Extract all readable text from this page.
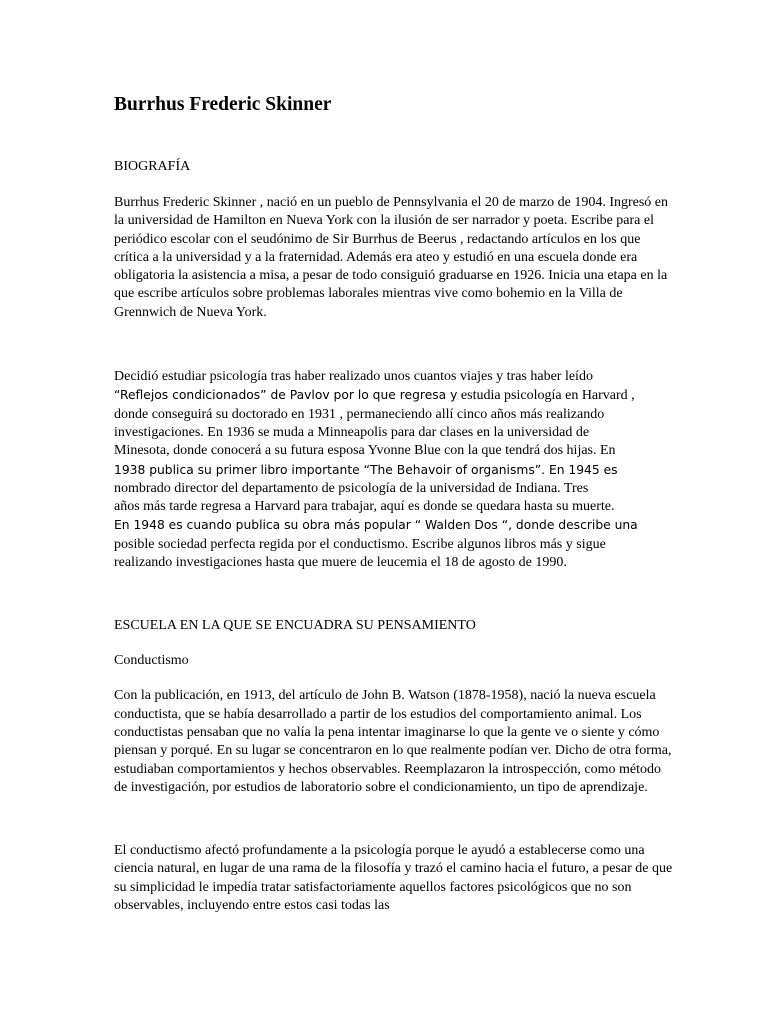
Burrhus Frederic Skinner
BIOGRAFÍA

Burrhus Frederic Skinner , nació en un pueblo de Pennsylvania el 20 de marzo de 1904. Ingresó en la universidad de Hamilton en Nueva York con la ilusión de ser narrador y poeta. Escribe para el periódico escolar con el seudónimo de Sir Burrhus de Beerus , redactando artículos en los que crítica a la universidad y a la fraternidad. Además era ateo y estudió en una escuela donde era obligatoria la asistencia a misa, a pesar de todo consiguió graduarse en 1926. Inicia una etapa en la que escribe artículos sobre problemas laborales mientras vive como bohemio en la Villa de Grennwich de Nueva York.

Decidió estudiar psicología tras haber realizado unos cuantos viajes y tras haber leído
“Reflejos condicionados” de Pavlov por lo que regresa y estudia psicología en Harvard ,
donde conseguirá su doctorado en 1931 , permaneciendo allí cinco años más realizando
investigaciones. En 1936 se muda a Minneapolis para dar clases en la universidad de
Minesota, donde conocerá a su futura esposa Yvonne Blue con la que tendrá dos hijas. En
1938 publica su primer libro importante “The Behavoir of organisms”. En 1945 es
nombrado director del departamento de psicología de la universidad de Indiana. Tres
años más tarde regresa a Harvard para trabajar, aquí es donde se quedara hasta su muerte.
En 1948 es cuando publica su obra más popular “ Walden Dos “, donde describe una
posible sociedad perfecta regida por el conductismo. Escribe algunos libros más y sigue
realizando investigaciones hasta que muere de leucemia el 18 de agosto de 1990.

ESCUELA EN LA QUE SE ENCUADRA SU PENSAMIENTO
Conductismo

Con la publicación, en 1913, del artículo de John B. Watson (1878-1958), nació la nueva escuela conductista, que se había desarrollado a partir de los estudios del comportamiento animal. Los conductistas pensaban que no valía la pena intentar imaginarse lo que la gente ve o siente y cómo piensan y porqué. En su lugar se concentraron en lo que realmente podían ver. Dicho de otra forma, estudiaban comportamientos y hechos observables. Reemplazaron la introspección, como método de investigación, por estudios de laboratorio sobre el condicionamiento, un tipo de aprendizaje.

El conductismo afectó profundamente a la psicología porque le ayudó a establecerse como una ciencia natural, en lugar de una rama de la filosofía y trazó el camino hacia el futuro, a pesar de que su simplicidad le impedía tratar satisfactoriamente aquellos factores psicológicos que no son observables, incluyendo entre estos casi todas las
